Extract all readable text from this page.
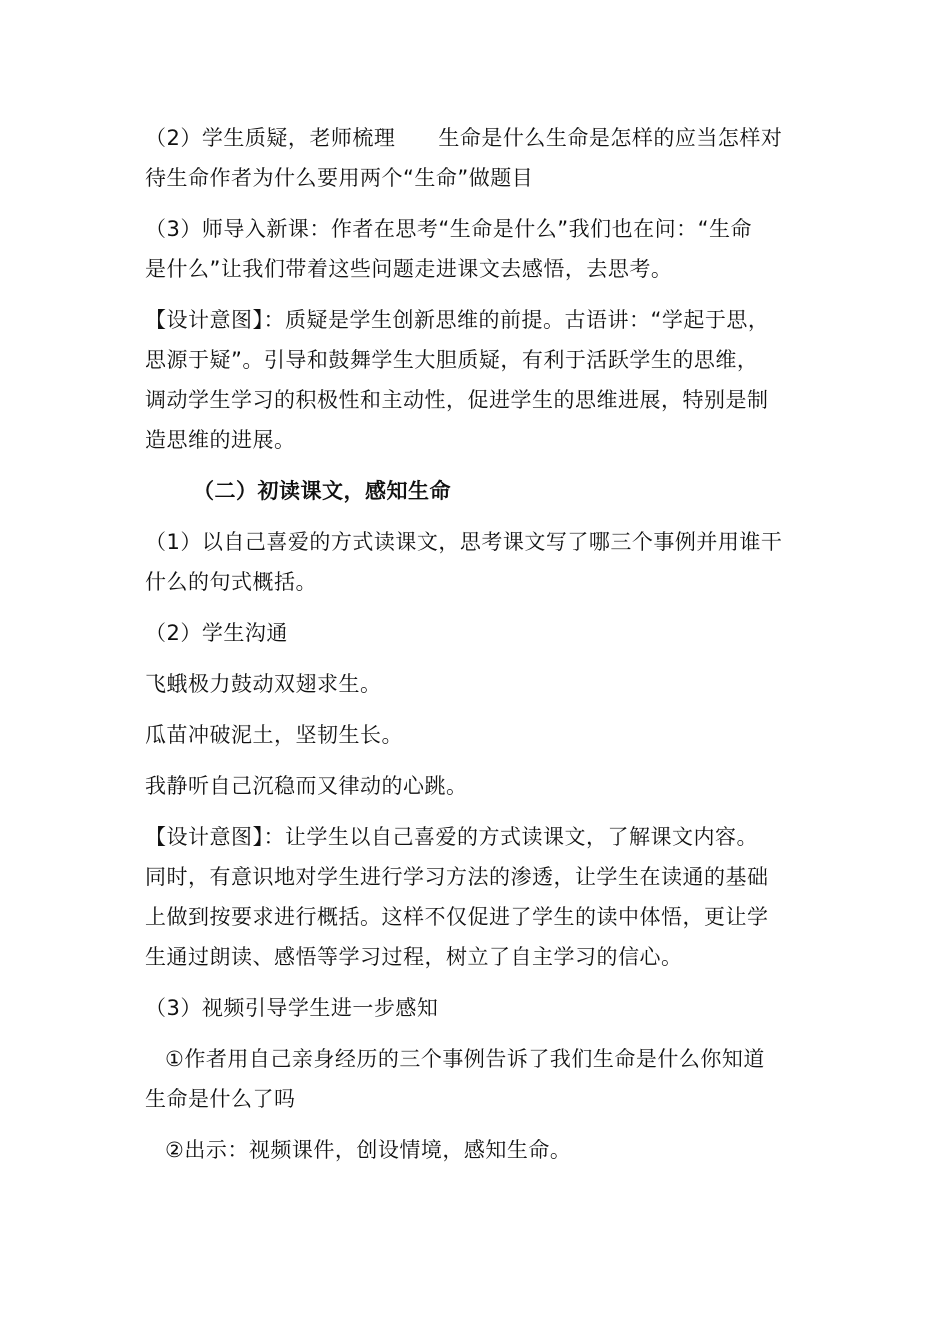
（2）学生质疑，老师梳理　　生命是什么生命是怎样的应当怎样对
待生命作者为什么要用两个“生命”做题目
（3）师导入新课：作者在思考“生命是什么”我们也在问：“生命
是什么”让我们带着这些问题走进课文去感悟，去思考。
【设计意图】：质疑是学生创新思维的前提。古语讲：“学起于思，
思源于疑”。引导和鼓舞学生大胆质疑，有利于活跃学生的思维，
调动学生学习的积极性和主动性，促进学生的思维进展，特别是制
造思维的进展。
（二）初读课文，感知生命
（1）以自己喜爱的方式读课文，思考课文写了哪三个事例并用谁干
什么的句式概括。
（2）学生沟通
飞蛾极力鼓动双翅求生。
瓜苗冲破泥土，坚韧生长。
我静听自己沉稳而又律动的心跳。
【设计意图】：让学生以自己喜爱的方式读课文，了解课文内容。
同时，有意识地对学生进行学习方法的渗透，让学生在读通的基础
上做到按要求进行概括。这样不仅促进了学生的读中体悟，更让学
生通过朗读、感悟等学习过程，树立了自主学习的信心。
（3）视频引导学生进一步感知
①作者用自己亲身经历的三个事例告诉了我们生命是什么你知道
生命是什么了吗
②出示：视频课件，创设情境，感知生命。
